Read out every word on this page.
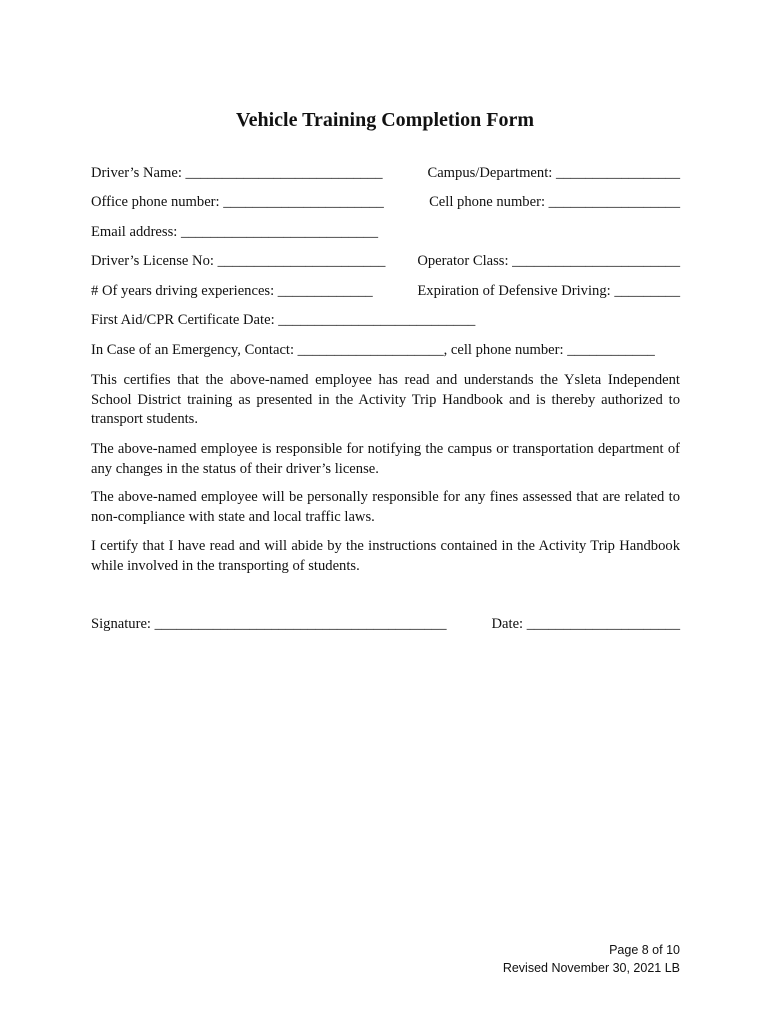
Vehicle Training Completion Form
Driver’s Name: ___________________________	Campus/Department: _________________
Office phone number: ______________________	Cell phone number: __________________
Email address: ___________________________
Driver’s License No: _______________________ Operator Class: _______________________
# Of years driving experiences: _____________	Expiration of Defensive Driving: _________
First Aid/CPR Certificate Date: ___________________________
In Case of an Emergency, Contact: ____________________, cell phone number: ____________
This certifies that the above-named employee has read and understands the Ysleta Independent School District training as presented in the Activity Trip Handbook and is thereby authorized to transport students.
The above-named employee is responsible for notifying the campus or transportation department of any changes in the status of their driver’s license.
The above-named employee will be personally responsible for any fines assessed that are related to non-compliance with state and local traffic laws.
I certify that I have read and will abide by the instructions contained in the Activity Trip Handbook while involved in the transporting of students.
Signature: ________________________________________	Date: _____________________
Page 8 of 10
Revised November 30, 2021 LB
